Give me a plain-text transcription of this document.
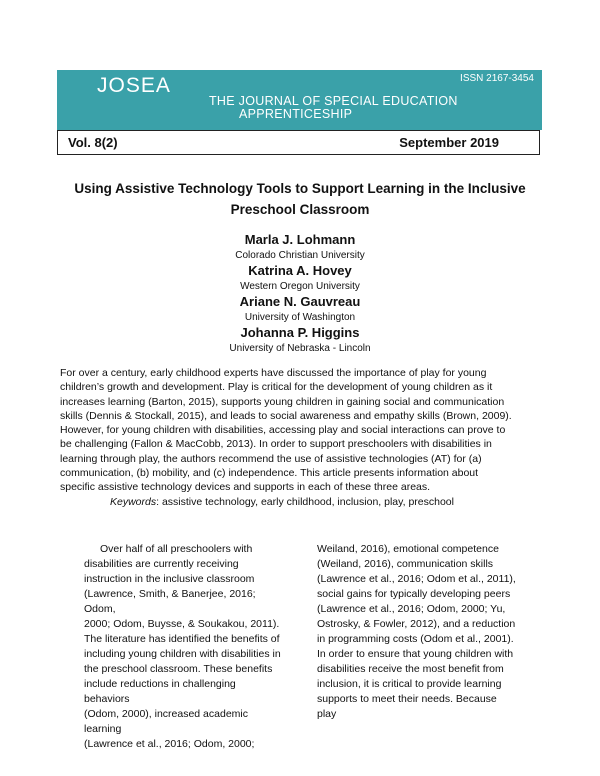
JOSEA	ISSN 2167-3454
THE JOURNAL OF SPECIAL EDUCATION
APPRENTICESHIP
Vol. 8(2)	September 2019
Using Assistive Technology Tools to Support Learning in the Inclusive
Preschool Classroom
Marla J. Lohmann
Colorado Christian University
Katrina A. Hovey
Western Oregon University
Ariane N. Gauvreau
University of Washington
Johanna P. Higgins
University of Nebraska - Lincoln
For over a century, early childhood experts have discussed the importance of play for young
children’s growth and development. Play is critical for the development of young children as it
increases learning (Barton, 2015), supports young children in gaining social and communication
skills (Dennis & Stockall, 2015), and leads to social awareness and empathy skills (Brown, 2009).
However, for young children with disabilities, accessing play and social interactions can prove to
be challenging (Fallon & MacCobb, 2013). In order to support preschoolers with disabilities in
learning through play, the authors recommend the use of assistive technologies (AT) for (a)
communication, (b) mobility, and (c) independence. This article presents information about
specific assistive technology devices and supports in each of these three areas.
Keywords: assistive technology, early childhood, inclusion, play, preschool
Over half of all preschoolers with
disabilities are currently receiving
instruction in the inclusive classroom
(Lawrence, Smith, & Banerjee, 2016; Odom,
2000; Odom, Buysse, & Soukakou, 2011).
The literature has identified the benefits of
including young children with disabilities in
the preschool classroom. These benefits
include reductions in challenging behaviors
(Odom, 2000), increased academic learning
(Lawrence et al., 2016; Odom, 2000;
Weiland, 2016), emotional competence
(Weiland, 2016), communication skills
(Lawrence et al., 2016; Odom et al., 2011),
social gains for typically developing peers
(Lawrence et al., 2016; Odom, 2000; Yu,
Ostrosky, & Fowler, 2012), and a reduction
in programming costs (Odom et al., 2001).
In order to ensure that young children with
disabilities receive the most benefit from
inclusion, it is critical to provide learning
supports to meet their needs. Because play
